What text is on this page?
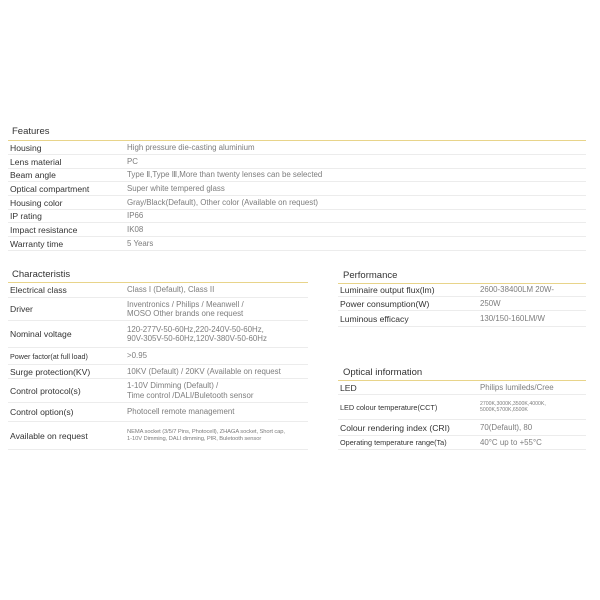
Features
Housing	High pressure die-casting aluminium
Lens material	PC
Beam angle	Type Ⅱ,Type Ⅲ,More than twenty lenses can be selected
Optical compartment	Super white tempered glass
Housing color	Gray/Black(Default), Other color (Available on request)
IP rating	IP66
Impact resistance	IK08
Warranty time	5 Years
Characteristis
Electrical class	Class I (Default), Class II
Driver	Inventronics / Philips / Meanwell /
MOSO Other brands one request
Nominal voltage	120-277V-50-60Hz,220-240V-50-60Hz,
90V-305V-50-60Hz,120V-380V-50-60Hz
Power factor(at full load)	>0.95
Surge protection(KV)	10KV (Default) / 20KV (Available on request
Control protocol(s)	1-10V Dimming (Default) /
Time control /DALI/Buletooth sensor
Control option(s)	Photocell remote management
Available on request	NEMA socket (3/5/7 Pins, Photocell), ZHAGA socket, Short cap,
1-10V Dimming, DALI dimming, PIR, Buletooth sensor
Performance
Luminaire output flux(lm)	2600-38400LM 20W-
Power consumption(W)	250W
Luminous efficacy	130/150-160LM/W
Optical information
LED	Philips lumileds/Cree
LED colour temperature(CCT)	2700K,3000K,3500K,4000K,
5000K,5700K,6500K
Colour rendering index (CRI)	70(Default), 80
Operating temperature range(Ta)	40°C up to +55°C
